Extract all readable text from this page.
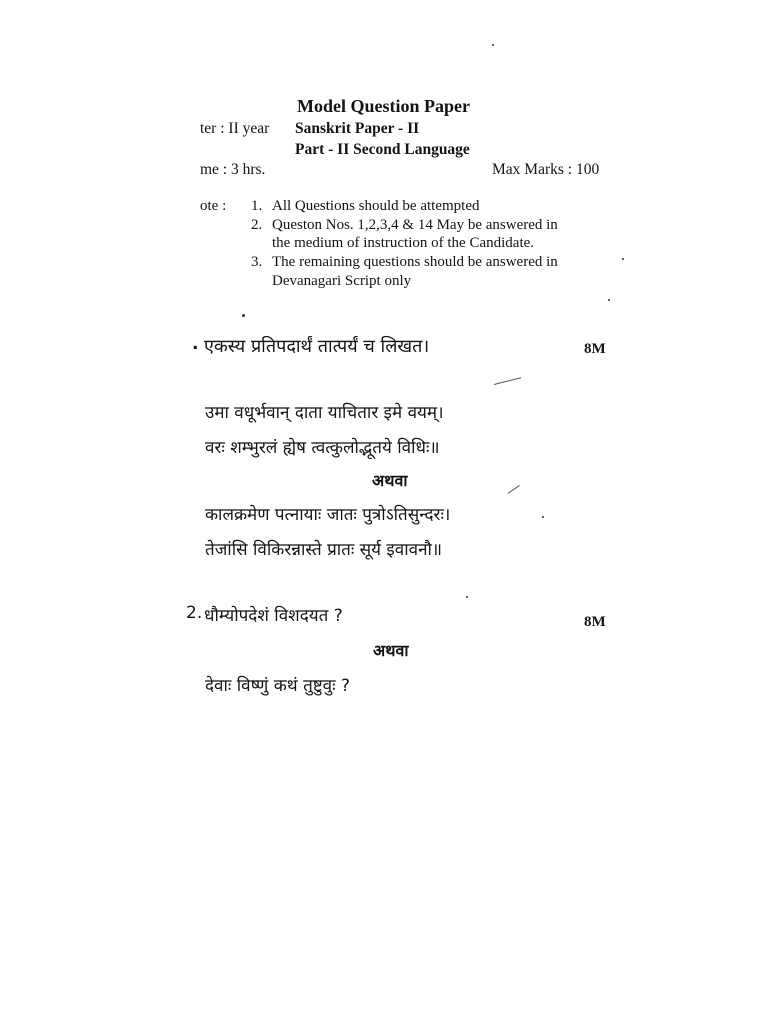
Model Question Paper
ter : II year Sanskrit Paper - II
Part - II Second Language
me : 3 hrs.	Max Marks : 100
ote : 1. All Questions should be attempted
2. Queston Nos. 1,2,3,4 & 14 May be answered in
the medium of instruction of the Candidate.
3. The remaining questions should be answered in
Devanagari Script only
. एकस्य प्रतिपदार्थं तात्पर्यं च लिखत।	8M
उमा वधूर्भवान् दाता याचितार इमे वयम्।
वरः शम्भुरलं ह्येष त्वत्कुलोद्भूतये विधिः॥
अथवा
कालक्रमेण पत्नायाः जातः पुत्रोऽतिसुन्दरः।
तेजांसि विकिरन्नास्ते प्रातः सूर्य इवावनौ॥
2. धौम्योपदेशं विशदयत ?	8M
अथवा
देवाः विष्णुं कथं तुष्टुवुः ?
